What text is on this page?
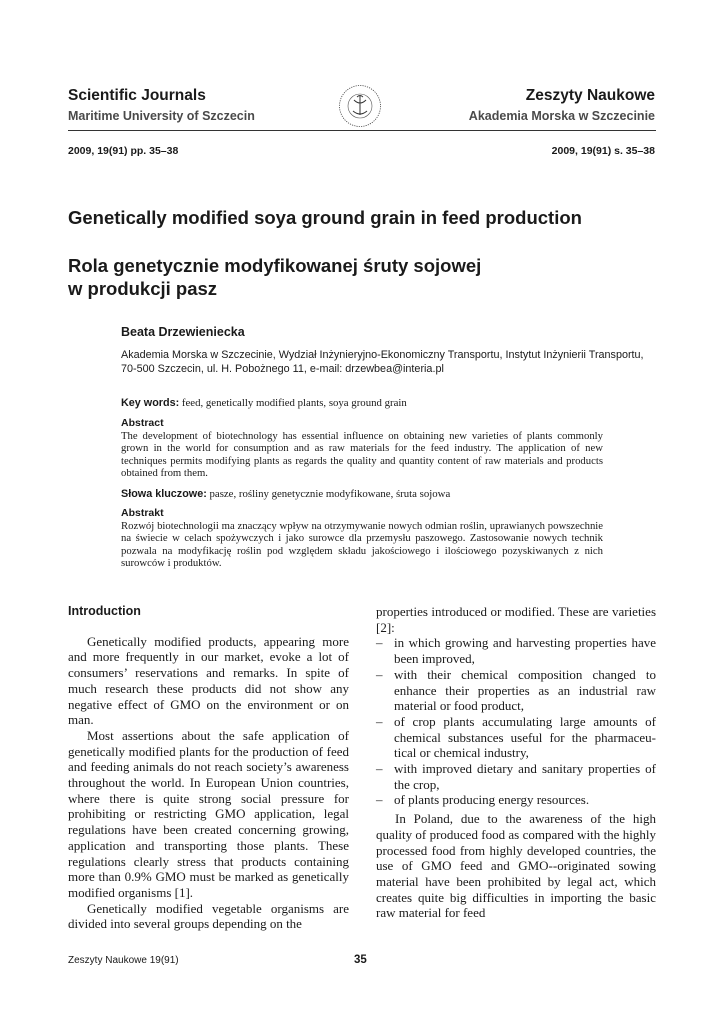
Scientific Journals
Maritime University of Szczecin
Zeszyty Naukowe
Akademia Morska w Szczecinie
2009, 19(91) pp. 35–38	2009, 19(91) s. 35–38
Genetically modified soya ground grain in feed production
Rola genetycznie modyfikowanej śruty sojowej
w produkcji pasz
Beata Drzewieniecka
Akademia Morska w Szczecinie, Wydział Inżynieryjno-Ekonomiczny Transportu, Instytut Inżynierii Transportu,
70-500 Szczecin, ul. H. Pobożnego 11, e-mail: drzewbea@interia.pl
Key words: feed, genetically modified plants, soya ground grain
Abstract
The development of biotechnology has essential influence on obtaining new varieties of plants commonly grown in the world for consumption and as raw materials for the feed industry. The application of new techniques permits modifying plants as regards the quality and quantity content of raw materials and products obtained from them.
Słowa kluczowe: pasze, rośliny genetycznie modyfikowane, śruta sojowa
Abstrakt
Rozwój biotechnologii ma znaczący wpływ na otrzymywanie nowych odmian roślin, uprawianych powszechnie na świecie w celach spożywczych i jako surowce dla przemysłu paszowego. Zastosowanie nowych technik pozwala na modyfikację roślin pod względem składu jakościowego i ilościowego pozyskiwanych z nich surowców i produktów.
Introduction

Genetically modified products, appearing more and more frequently in our market, evoke a lot of consumers’ reservations and remarks. In spite of much research these products did not show any negative effect of GMO on the environment or on man.

Most assertions about the safe application of genetically modified plants for the production of feed and feeding animals do not reach society’s awareness throughout the world. In European Union countries, where there is quite strong social pressure for prohibiting or restricting GMO application, legal regulations have been created concerning growing, application and transporting those plants. These regulations clearly stress that products containing more than 0.9% GMO must be marked as genetically modified organisms [1].

Genetically modified vegetable organisms are divided into several groups depending on the

properties introduced or modified. These are varieties [2]:

– in which growing and harvesting properties have been improved,
– with their chemical composition changed to enhance their properties as an industrial raw material or food product,
– of crop plants accumulating large amounts of chemical substances useful for the pharmaceu-tical or chemical industry,
– with improved dietary and sanitary properties of the crop,
– of plants producing energy resources.

In Poland, due to the awareness of the high quality of produced food as compared with the highly processed food from highly developed countries, the use of GMO feed and GMO--originated sowing material have been prohibited by legal act, which creates quite big difficulties in importing the basic raw material for feed

Zeszyty Naukowe 19(91)	35
